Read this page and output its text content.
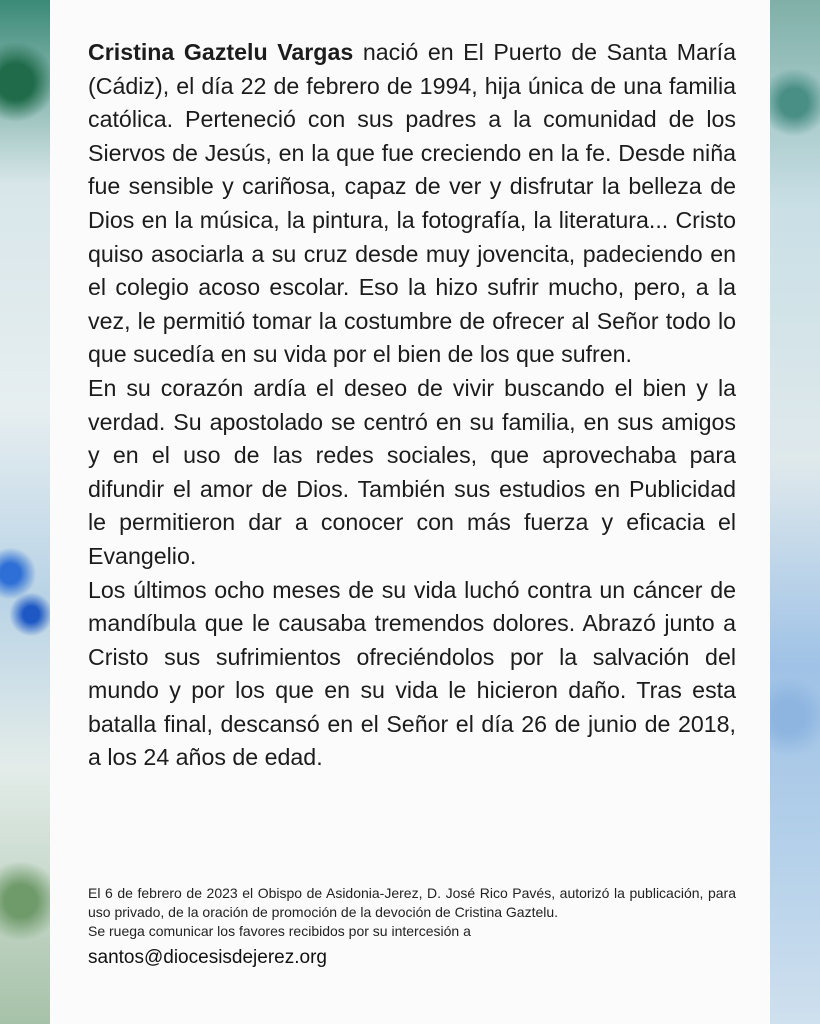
Cristina Gaztelu Vargas nació en El Puerto de Santa María (Cádiz), el día 22 de febrero de 1994, hija única de una familia católica. Perteneció con sus padres a la comunidad de los Siervos de Jesús, en la que fue creciendo en la fe. Desde niña fue sensible y cariñosa, capaz de ver y disfrutar la belleza de Dios en la música, la pintura, la fotografía, la literatura... Cristo quiso asociarla a su cruz desde muy jovencita, padeciendo en el colegio acoso escolar. Eso la hizo sufrir mucho, pero, a la vez, le permitió tomar la costumbre de ofrecer al Señor todo lo que sucedía en su vida por el bien de los que sufren.

En su corazón ardía el deseo de vivir buscando el bien y la verdad. Su apostolado se centró en su familia, en sus amigos y en el uso de las redes sociales, que aprovechaba para difundir el amor de Dios. También sus estudios en Publicidad le permitieron dar a conocer con más fuerza y eficacia el Evangelio.

Los últimos ocho meses de su vida luchó contra un cáncer de mandíbula que le causaba tremendos dolores. Abrazó junto a Cristo sus sufrimientos ofreciéndolos por la salvación del mundo y por los que en su vida le hicieron daño. Tras esta batalla final, descansó en el Señor el día 26 de junio de 2018, a los 24 años de edad.

El 6 de febrero de 2023 el Obispo de Asidonia-Jerez, D. José Rico Pavés, autorizó la publicación, para uso privado, de la oración de promoción de la devoción de Cristina Gaztelu.

Se ruega comunicar los favores recibidos por su intercesión a

santos@diocesisdejerez.org
